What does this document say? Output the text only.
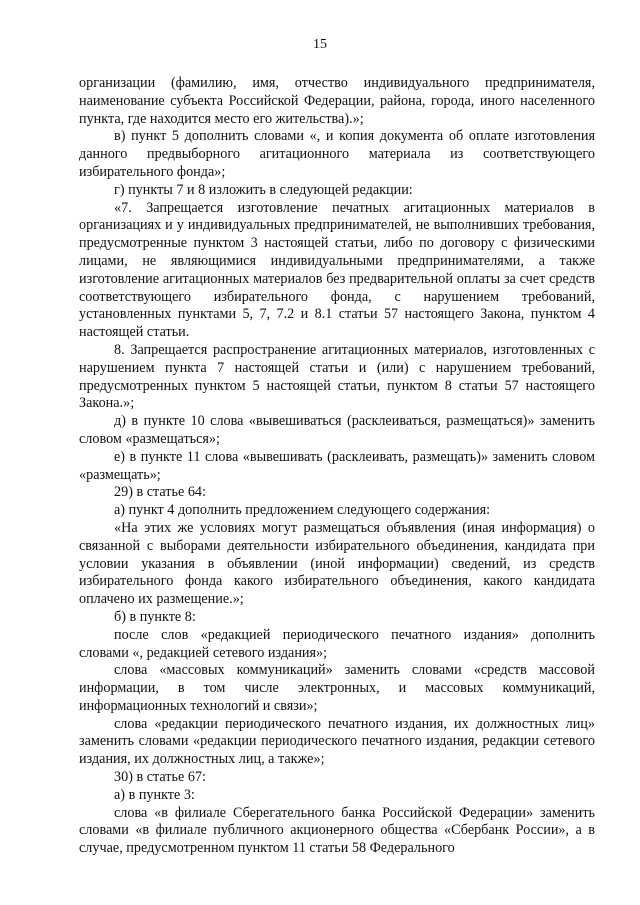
15

организации (фамилию, имя, отчество индивидуального предпринимателя, наименование субъекта Российской Федерации, района, города, иного населенного пункта, где находится место его жительства).»;

в) пункт 5 дополнить словами «, и копия документа об оплате изготовления данного предвыборного агитационного материала из соответствующего избирательного фонда»;

г) пункты 7 и 8 изложить в следующей редакции:

«7. Запрещается изготовление печатных агитационных материалов в организациях и у индивидуальных предпринимателей, не выполнивших требования, предусмотренные пунктом 3 настоящей статьи, либо по договору с физическими лицами, не являющимися индивидуальными предпринимателями, а также изготовление агитационных материалов без предварительной оплаты за счет средств соответствующего избирательного фонда, с нарушением требований, установленных пунктами 5, 7, 7.2 и 8.1 статьи 57 настоящего Закона, пунктом 4 настоящей статьи.

8. Запрещается распространение агитационных материалов, изготовленных с нарушением пункта 7 настоящей статьи и (или) с нарушением требований, предусмотренных пунктом 5 настоящей статьи, пунктом 8 статьи 57 настоящего Закона.»;

д) в пункте 10 слова «вывешиваться (расклеиваться, размещаться)» заменить словом «размещаться»;

е) в пункте 11 слова «вывешивать (расклеивать, размещать)» заменить словом «размещать»;

29) в статье 64:

а) пункт 4 дополнить предложением следующего содержания:

«На этих же условиях могут размещаться объявления (иная информация) о связанной с выборами деятельности избирательного объединения, кандидата при условии указания в объявлении (иной информации) сведений, из средств избирательного фонда какого избирательного объединения, какого кандидата оплачено их размещение.»;

б) в пункте 8:

после слов «редакцией периодического печатного издания» дополнить словами «, редакцией сетевого издания»;

слова «массовых коммуникаций» заменить словами «средств массовой информации, в том числе электронных, и массовых коммуникаций, информационных технологий и связи»;

слова «редакции периодического печатного издания, их должностных лиц» заменить словами «редакции периодического печатного издания, редакции сетевого издания, их должностных лиц, а также»;

30) в статье 67:

а) в пункте 3:

слова «в филиале Сберегательного банка Российской Федерации» заменить словами «в филиале публичного акционерного общества «Сбербанк России», а в случае, предусмотренном пунктом 11 статьи 58 Федерального
